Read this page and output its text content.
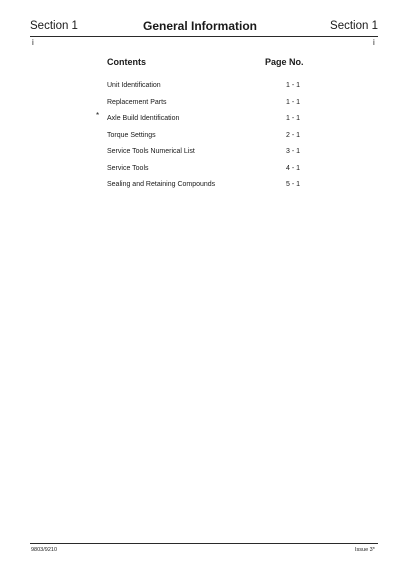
Section 1	General Information	Section 1
i	i
Contents	Page No.
Unit Identification	1 - 1
Replacement Parts	1 - 1
* Axle Build Identification	1 - 1
Torque Settings	2 - 1
Service Tools Numerical List	3 - 1
Service Tools	4 - 1
Sealing and Retaining Compounds	5 - 1
9803/9210	Issue 3*
